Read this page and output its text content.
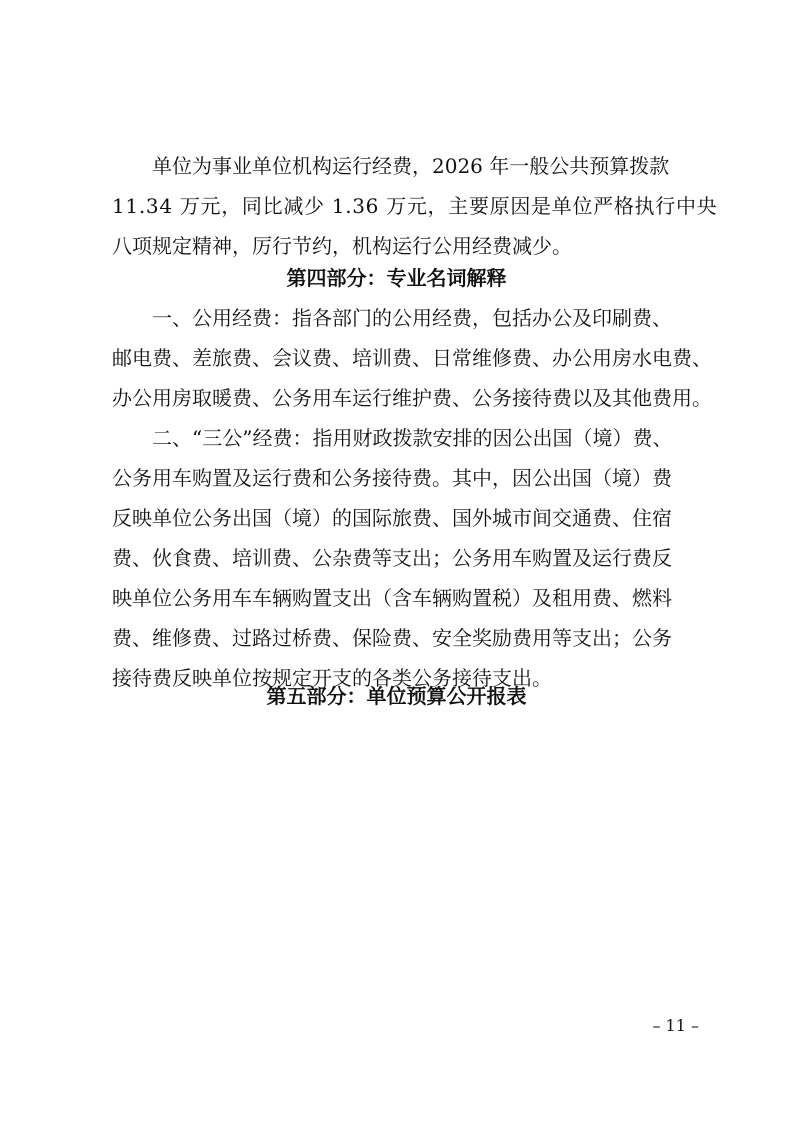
单位为事业单位机构运行经费，2026 年一般公共预算拨款
11.34 万元，同比减少 1.36 万元，主要原因是单位严格执行中央
八项规定精神，厉行节约，机构运行公用经费减少。
第四部分：专业名词解释
一、公用经费：指各部门的公用经费，包括办公及印刷费、
邮电费、差旅费、会议费、培训费、日常维修费、办公用房水电费、
办公用房取暖费、公务用车运行维护费、公务接待费以及其他费用。
二、“三公”经费：指用财政拨款安排的因公出国（境）费、
公务用车购置及运行费和公务接待费。其中，因公出国（境）费
反映单位公务出国（境）的国际旅费、国外城市间交通费、住宿
费、伙食费、培训费、公杂费等支出；公务用车购置及运行费反
映单位公务用车车辆购置支出（含车辆购置税）及租用费、燃料
费、维修费、过路过桥费、保险费、安全奖励费用等支出；公务
接待费反映单位按规定开支的各类公务接待支出。
第五部分：单位预算公开报表
– 11 –
